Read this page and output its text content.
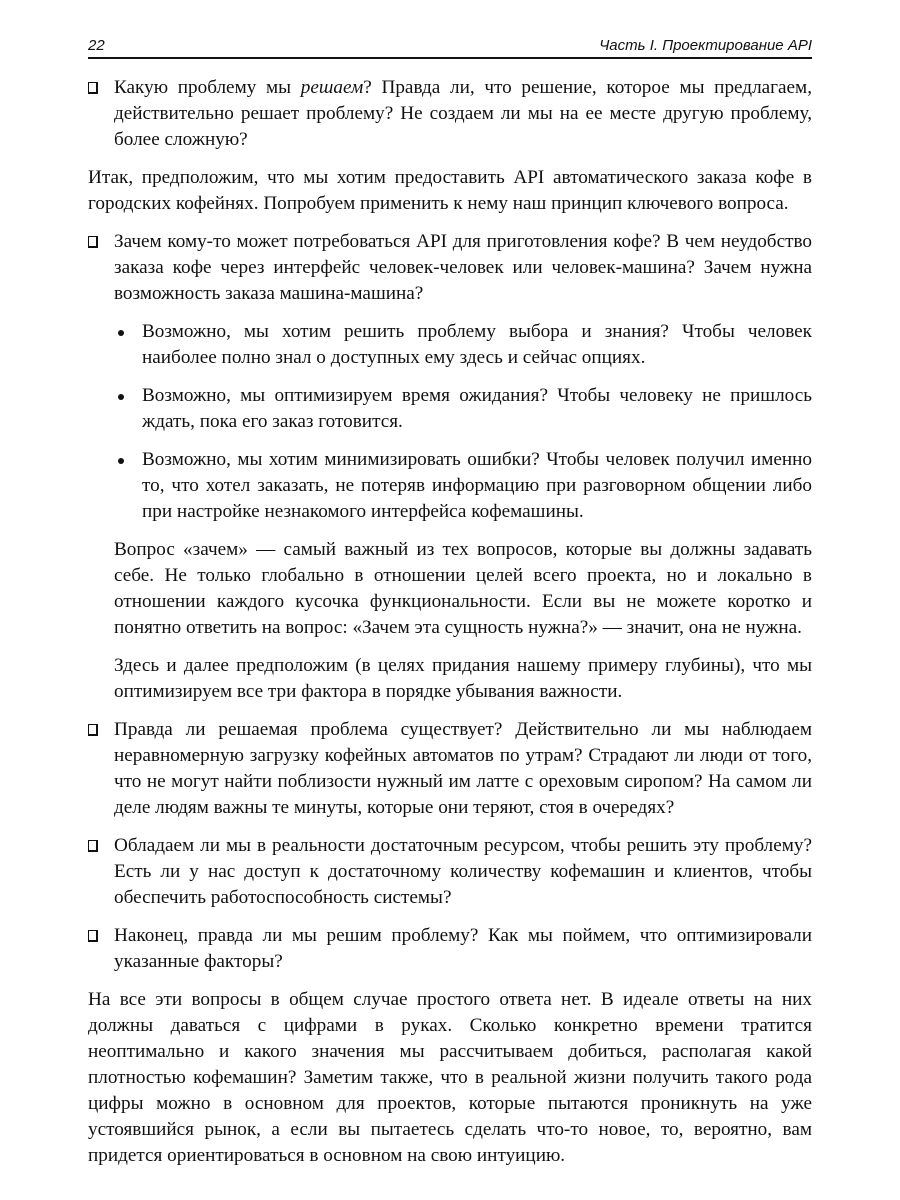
22	Часть I. Проектирование API
Какую проблему мы решаем? Правда ли, что решение, которое мы предлагаем, действительно решает проблему? Не создаем ли мы на ее месте другую проблему, более сложную?

Итак, предположим, что мы хотим предоставить API автоматического заказа кофе в городских кофейнях. Попробуем применить к нему наш принцип ключевого вопроса.

Зачем кому-то может потребоваться API для приготовления кофе? В чем неудобство заказа кофе через интерфейс человек-человек или человек-машина? Зачем нужна возможность заказа машина-машина?
Возможно, мы хотим решить проблему выбора и знания? Чтобы человек наиболее полно знал о доступных ему здесь и сейчас опциях.
Возможно, мы оптимизируем время ожидания? Чтобы человеку не пришлось ждать, пока его заказ готовится.
Возможно, мы хотим минимизировать ошибки? Чтобы человек получил именно то, что хотел заказать, не потеряв информацию при разговорном общении либо при настройке незнакомого интерфейса кофемашины.

Вопрос «зачем» — самый важный из тех вопросов, которые вы должны задавать себе. Не только глобально в отношении целей всего проекта, но и локально в отношении каждого кусочка функциональности. Если вы не можете коротко и понятно ответить на вопрос: «Зачем эта сущность нужна?» — значит, она не нужна.

Здесь и далее предположим (в целях придания нашему примеру глубины), что мы оптимизируем все три фактора в порядке убывания важности.

Правда ли решаемая проблема существует? Действительно ли мы наблюдаем неравномерную загрузку кофейных автоматов по утрам? Страдают ли люди от того, что не могут найти поблизости нужный им латте с ореховым сиропом? На самом ли деле людям важны те минуты, которые они теряют, стоя в очередях?
Обладаем ли мы в реальности достаточным ресурсом, чтобы решить эту проблему? Есть ли у нас доступ к достаточному количеству кофемашин и клиентов, чтобы обеспечить работоспособность системы?
Наконец, правда ли мы решим проблему? Как мы поймем, что оптимизировали указанные факторы?

На все эти вопросы в общем случае простого ответа нет. В идеале ответы на них должны даваться с цифрами в руках. Сколько конкретно времени тратится неоптимально и какого значения мы рассчитываем добиться, располагая какой плотностью кофемашин? Заметим также, что в реальной жизни получить такого рода цифры можно в основном для проектов, которые пытаются проникнуть на уже устоявшийся рынок, а если вы пытаетесь сделать что-то новое, то, вероятно, вам придется ориентироваться в основном на свою интуицию.
